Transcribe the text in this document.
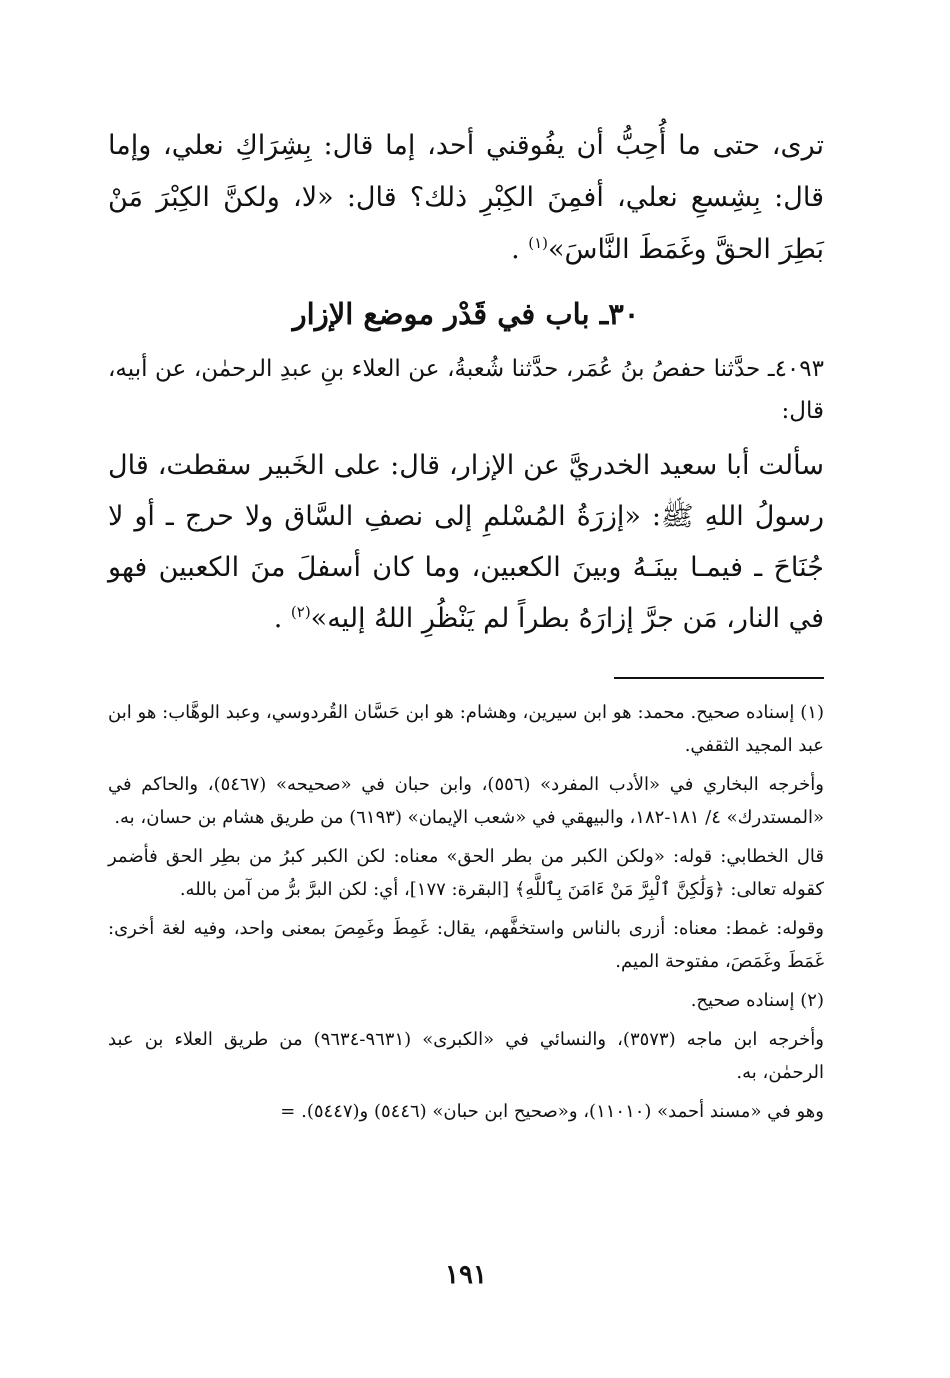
ترى، حتى ما أُحِبُّ أن يفُوقني أحد، إما قال: بِشِرَاكِ نعلي، وإما قال: بِشِسعِ نعلي، أفمِنَ الكِبْرِ ذلك؟ قال: «لا، ولكنَّ الكِبْرَ مَنْ بَطِرَ الحقَّ وغَمَطَ النَّاسَ»$^{(١)}$ .

٣٠ـ باب في قَدْر موضع الإزار

٤٠٩٣ـ حدَّثنا حفصُ بنُ عُمَر، حدَّثنا شُعبةُ، عن العلاء بنِ عبدِ الرحمٰن، عن أبيه، قال:

سألت أبا سعيد الخدريَّ عن الإزار، قال: على الخَبير سقطت، قال رسولُ اللهِ ﷺ: «إزرَةُ المُسْلمِ إلى نصفِ السَّاق ولا حرج ـ أو لا جُنَاحَ ـ فيمـا بينَـهُ وبينَ الكعبين، وما كان أسفلَ منَ الكعبين فهو في النار، مَن جرَّ إزارَهُ بطراً لم يَنْظُرِ اللهُ إليه»$^{(٢)}$ .

(١) إسناده صحيح. محمد: هو ابن سيرين، وهشام: هو ابن حَسَّان القُردوسي، وعبد الوهَّاب: هو ابن عبد المجيد الثقفي.

وأخرجه البخاري في «الأدب المفرد» (٥٥٦)، وابن حبان في «صحيحه» (٥٤٦٧)، والحاكم في «المستدرك» ٤/ ١٨١-١٨٢، والبيهقي في «شعب الإيمان» (٦١٩٣) من طريق هشام بن حسان، به.

قال الخطابي: قوله: «ولكن الكبر من بطر الحق» معناه: لكن الكبر كبرُ من بطِر الحق فأضمر كقوله تعالى: ﴿وَلَٰكِنَّ ٱلْبِرَّ مَنْ ءَامَنَ بِٱللَّهِ﴾ [البقرة: ١٧٧]، أي: لكن البرَّ برُّ من آمن بالله.

وقوله: غمط: معناه: أزرى بالناس واستخفَّهم، يقال: غَمِطَ وغَمِصَ بمعنى واحد، وفيه لغة أخرى: غَمَطَ وغَمَصَ، مفتوحة الميم.

(٢) إسناده صحيح.

وأخرجه ابن ماجه (٣٥٧٣)، والنسائي في «الكبرى» (٩٦٣١-٩٦٣٤) من طريق العلاء بن عبد الرحمٰن، به.

وهو في «مسند أحمد» (١١٠١٠)، و«صحيح ابن حبان» (٥٤٤٦) و(٥٤٤٧). =

١٩١
